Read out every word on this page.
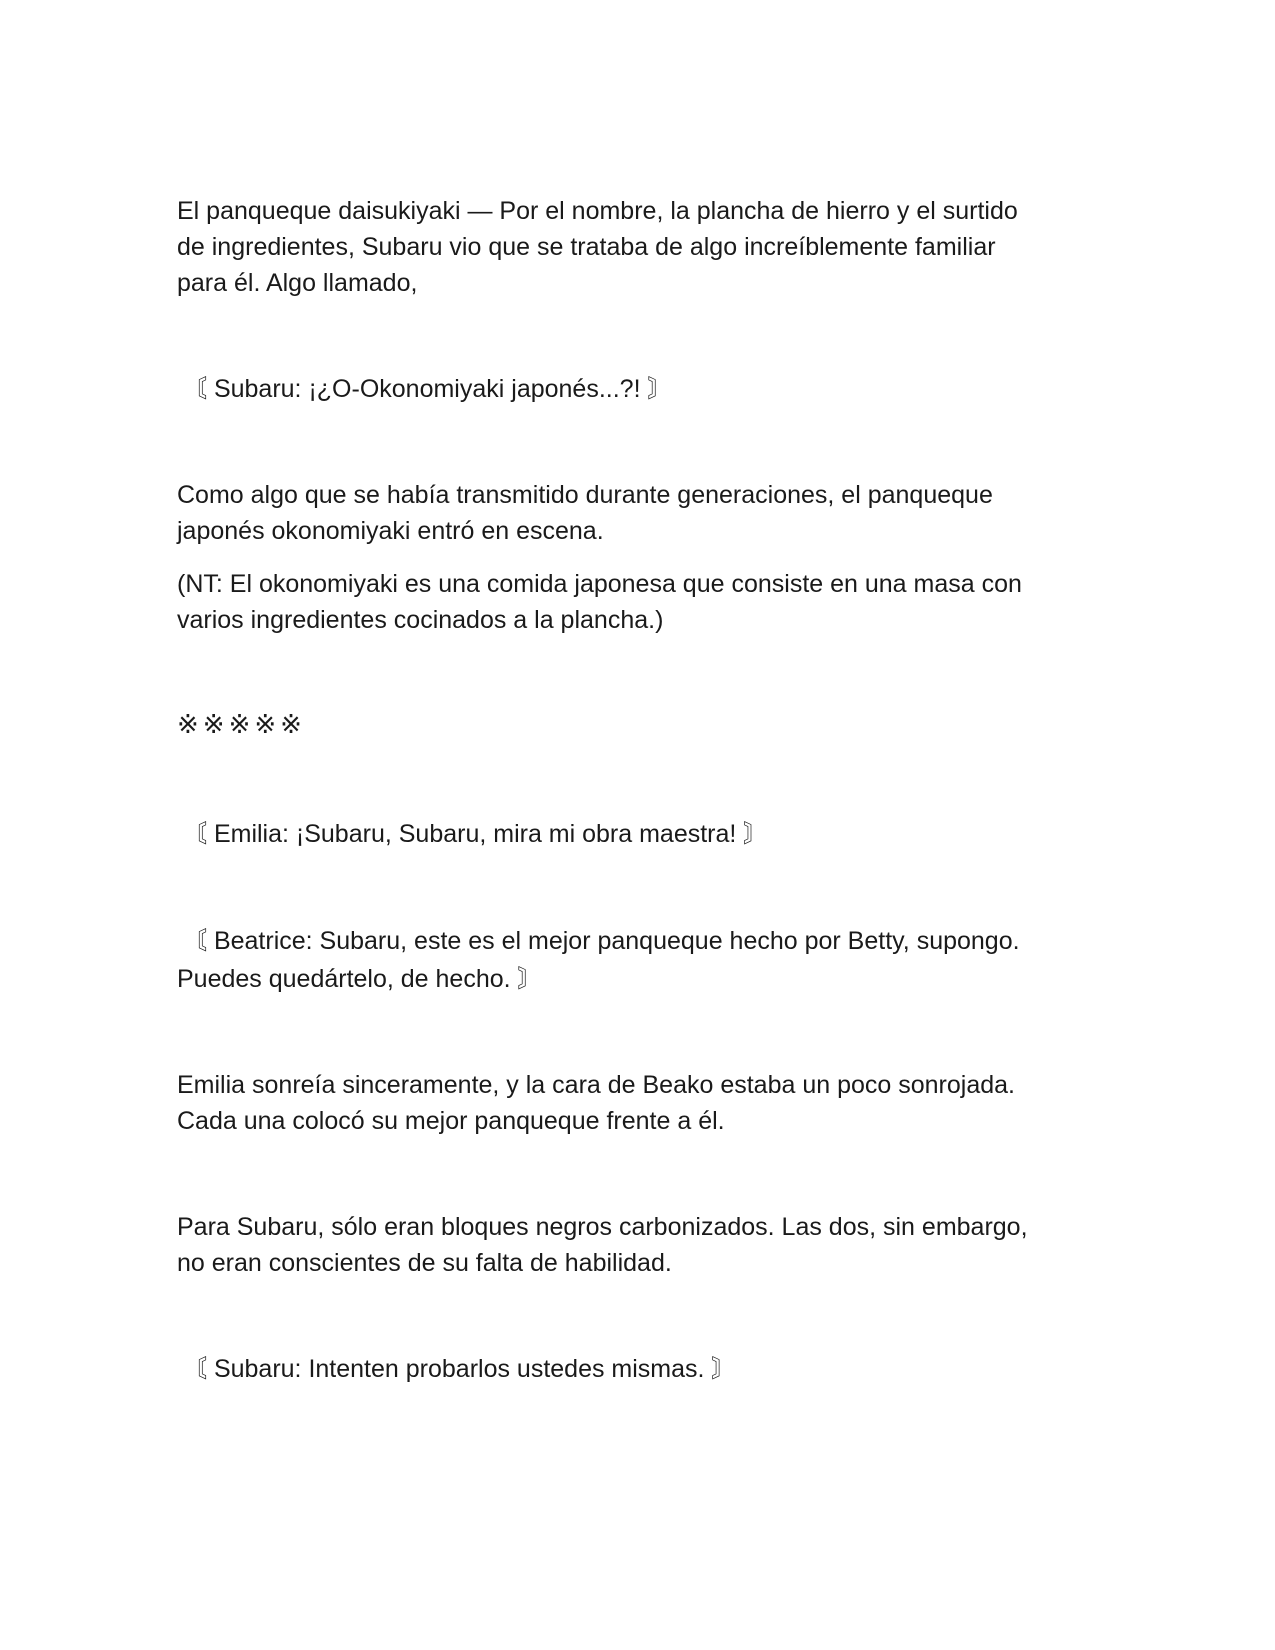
El panqueque daisukiyaki — Por el nombre, la plancha de hierro y el surtido
de ingredientes, Subaru vio que se trataba de algo increíblemente familiar
para él. Algo llamado,
〘 Subaru: ¡¿O-Okonomiyaki japonés...?! 〙
Como algo que se había transmitido durante generaciones, el panqueque
japonés okonomiyaki entró en escena.
(NT: El okonomiyaki es una comida japonesa que consiste en una masa con
varios ingredientes cocinados a la plancha.)
※※※※※
〘 Emilia: ¡Subaru, Subaru, mira mi obra maestra! 〙
〘 Beatrice: Subaru, este es el mejor panqueque hecho por Betty, supongo.
Puedes quedártelo, de hecho. 〙
Emilia sonreía sinceramente, y la cara de Beako estaba un poco sonrojada.
Cada una colocó su mejor panqueque frente a él.
Para Subaru, sólo eran bloques negros carbonizados. Las dos, sin embargo,
no eran conscientes de su falta de habilidad.
〘 Subaru: Intenten probarlos ustedes mismas. 〙
